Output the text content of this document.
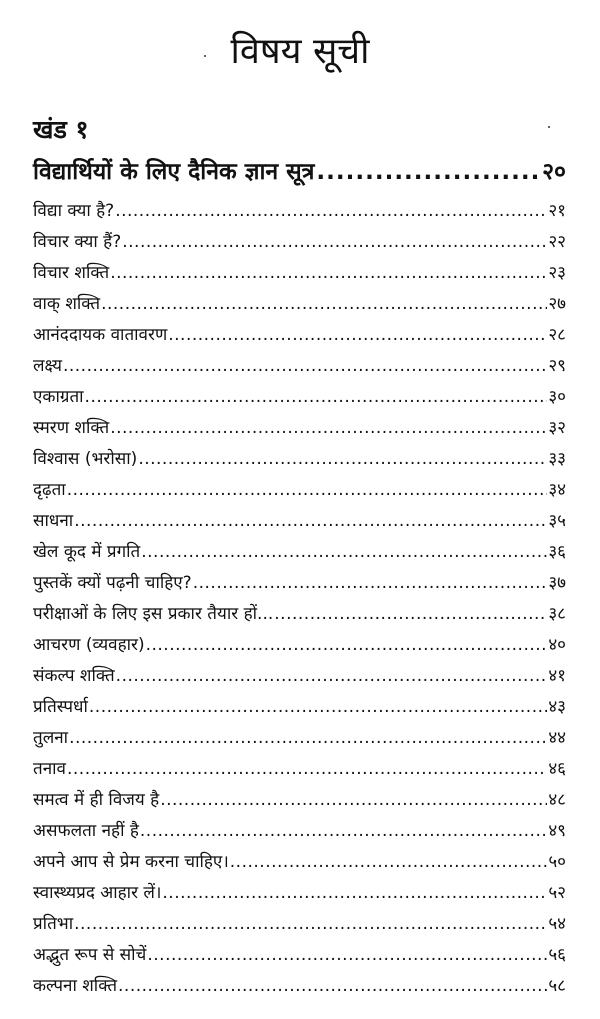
विषय सूची
खंड १
विद्यार्थियों के लिए दैनिक ज्ञान सूत्र .....	२०
विद्या क्या है? .....	२१
विचार क्या हैं? .....	२२
विचार शक्ति .....	२३
वाक् शक्ति .....	२७
आनंददायक वातावरण .....	२८
लक्ष्य .....	२९
एकाग्रता .....	३०
स्मरण शक्ति .....	३२
विश्वास (भरोसा) .....	३३
दृढ़ता .....	३४
साधना .....	३५
खेल कूद में प्रगति .....	३६
पुस्तकें क्यों पढ़नी चाहिए? .....	३७
परीक्षाओं के लिए इस प्रकार तैयार हों... .....	३८
आचरण (व्यवहार) .....	४०
संकल्प शक्ति .....	४१
प्रतिस्पर्धा .....	४३
तुलना .....	४४
तनाव .....	४६
समत्व में ही विजय है .....	४८
असफलता नहीं है .....	४९
अपने आप से प्रेम करना चाहिए। .....	५०
स्वास्थ्यप्रद आहार लें। .....	५२
प्रतिभा .....	५४
अद्भुत रूप से सोचें .....	५६
कल्पना शक्ति .....	५८
